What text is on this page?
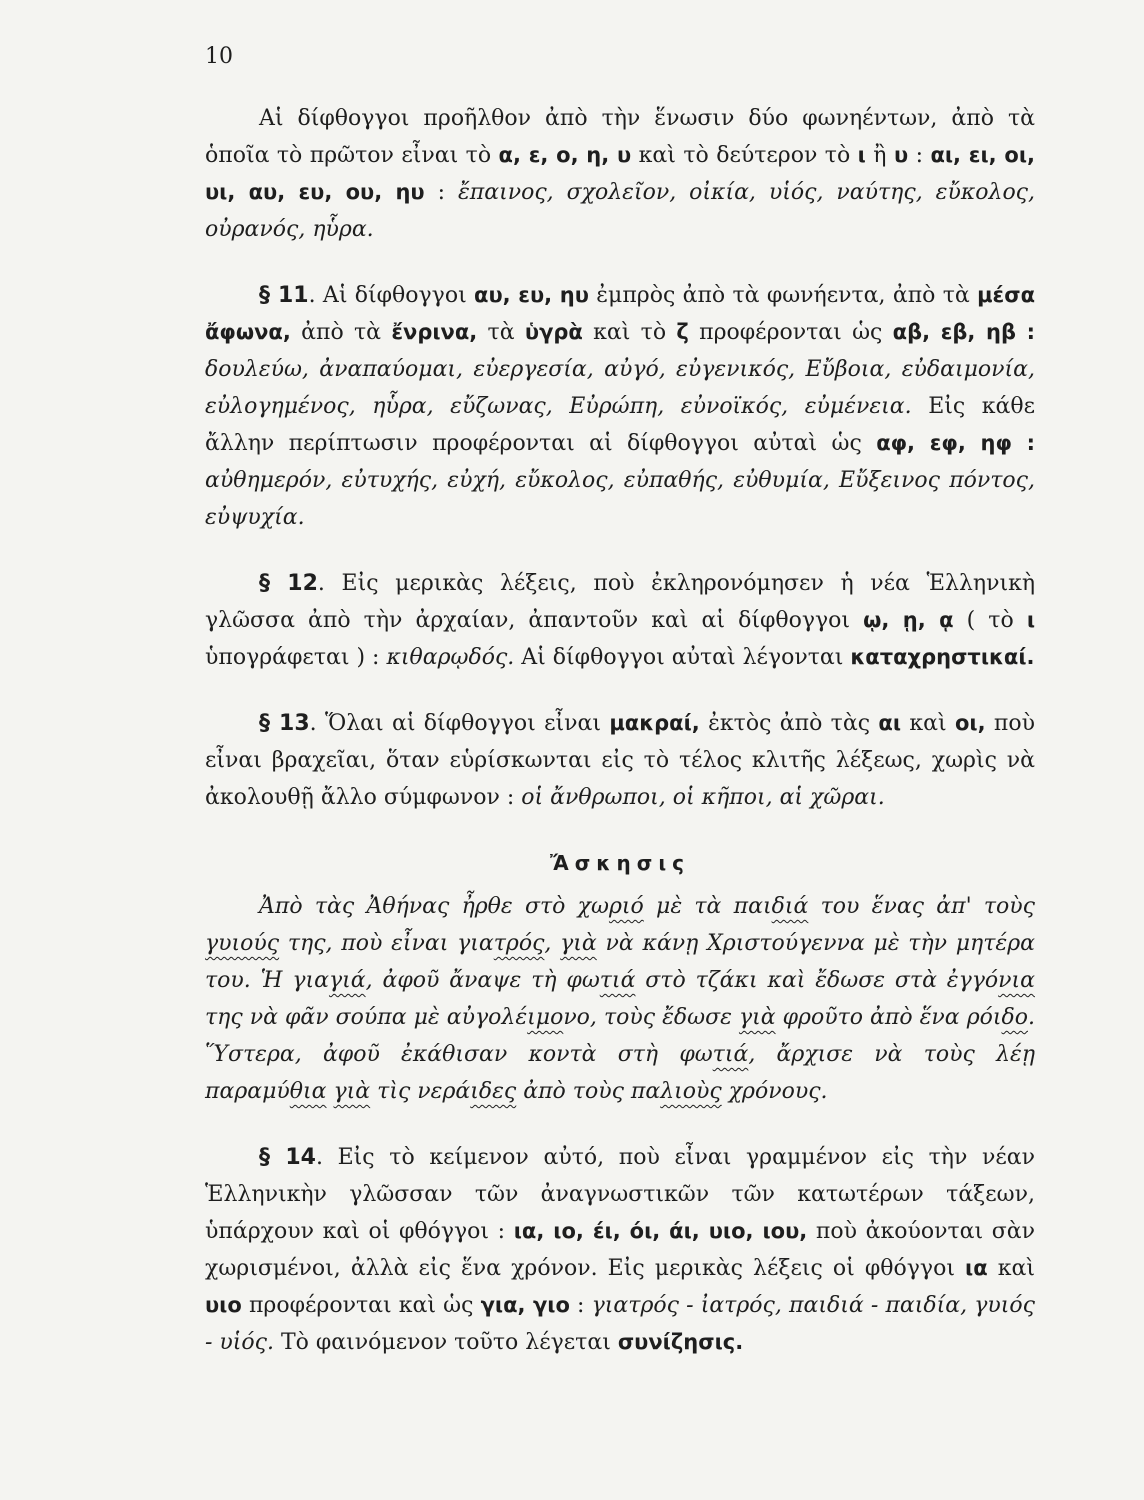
10

Αἱ δίφθογγοι προῆλθον ἀπὸ τὴν ἕνωσιν δύο φωνηέντων, ἀπὸ τὰ ὁποῖα τὸ πρῶτον εἶναι τὸ α, ε, ο, η, υ καὶ τὸ δεύτερον τὸ ι ἢ υ : αι, ει, οι, υι, αυ, ευ, ου, ηυ : ἔπαινος, σχολεῖον, οἰκία, υἱός, ναύτης, εὔκολος, οὐρανός, ηὗρα.

§ 11. Αἱ δίφθογγοι αυ, ευ, ηυ ἐμπρὸς ἀπὸ τὰ φωνήεντα, ἀπὸ τὰ μέσα ἄφωνα, ἀπὸ τὰ ἔνρινα, τὰ ὑγρὰ καὶ τὸ ζ προφέρονται ὡς αβ, εβ, ηβ : δουλεύω, ἀναπαύομαι, εὐεργεσία, αὐγό, εὐγενικός, Εὔβοια, εὐδαιμονία, εὐλογημένος, ηὗρα, εὔζωνας, Εὐρώπη, εὐνοϊκός, εὐμένεια. Εἰς κάθε ἄλλην περίπτωσιν προφέρονται αἱ δίφθογγοι αὐταὶ ὡς αφ, εφ, ηφ : αὐθημερόν, εὐτυχής, εὐχή, εὔκολος, εὐπαθής, εὐθυμία, Εὔξεινος πόντος, εὐψυχία.

§ 12. Εἰς μερικὰς λέξεις, ποὺ ἐκληρονόμησεν ἡ νέα Ἑλληνικὴ γλῶσσα ἀπὸ τὴν ἀρχαίαν, ἀπαντοῦν καὶ αἱ δίφθογγοι ῳ, ῃ, ᾳ ( τὸ ι ὑπογράφεται ) : κιθαρῳδός. Αἱ δίφθογγοι αὐταὶ λέγονται καταχρηστικαί.

§ 13. Ὅλαι αἱ δίφθογγοι εἶναι μακραί, ἐκτὸς ἀπὸ τὰς αι καὶ οι, ποὺ εἶναι βραχεῖαι, ὅταν εὑρίσκωνται εἰς τὸ τέλος κλιτῆς λέξεως, χωρὶς νὰ ἀκολουθῇ ἄλλο σύμφωνον : οἱ ἄνθρωποι, οἱ κῆποι, αἱ χῶραι.

Ἄσκησις

Ἀπὸ τὰς Ἀθήνας ἦρθε στὸ χωριό μὲ τὰ παιδιά του ἕνας ἀπ' τοὺς γυιούς της, ποὺ εἶναι γιατρός, γιὰ νὰ κάνῃ Χριστούγεννα μὲ τὴν μητέρα του. Ἡ γιαγιά, ἀφοῦ ἄναψε τὴ φωτιά στὸ τζάκι καὶ ἔδωσε στὰ ἐγγόνια της νὰ φᾶν σούπα μὲ αὐγολέιμονο, τοὺς ἔδωσε γιὰ φροῦτο ἀπὸ ἕνα ρόιδο. Ὕστερα, ἀφοῦ ἐκάθισαν κοντὰ στὴ φωτιά, ἄρχισε νὰ τοὺς λέῃ παραμύθια γιὰ τὶς νεράιδες ἀπὸ τοὺς παλιοὺς χρόνους.

§ 14. Εἰς τὸ κείμενον αὐτό, ποὺ εἶναι γραμμένον εἰς τὴν νέαν Ἑλληνικὴν γλῶσσαν τῶν ἀναγνωστικῶν τῶν κατωτέρων τάξεων, ὑπάρχουν καὶ οἱ φθόγγοι : ια, ιο, έι, όι, άι, υιο, ιου, ποὺ ἀκούονται σὰν χωρισμένοι, ἀλλὰ εἰς ἕνα χρόνον. Εἰς μερικὰς λέξεις οἱ φθόγγοι ια καὶ υιο προφέρονται καὶ ὡς για, γιο : γιατρός - ἰατρός, παιδιά - παιδία, γυιός - υἱός. Τὸ φαινόμενον τοῦτο λέγεται συνίζησις.
